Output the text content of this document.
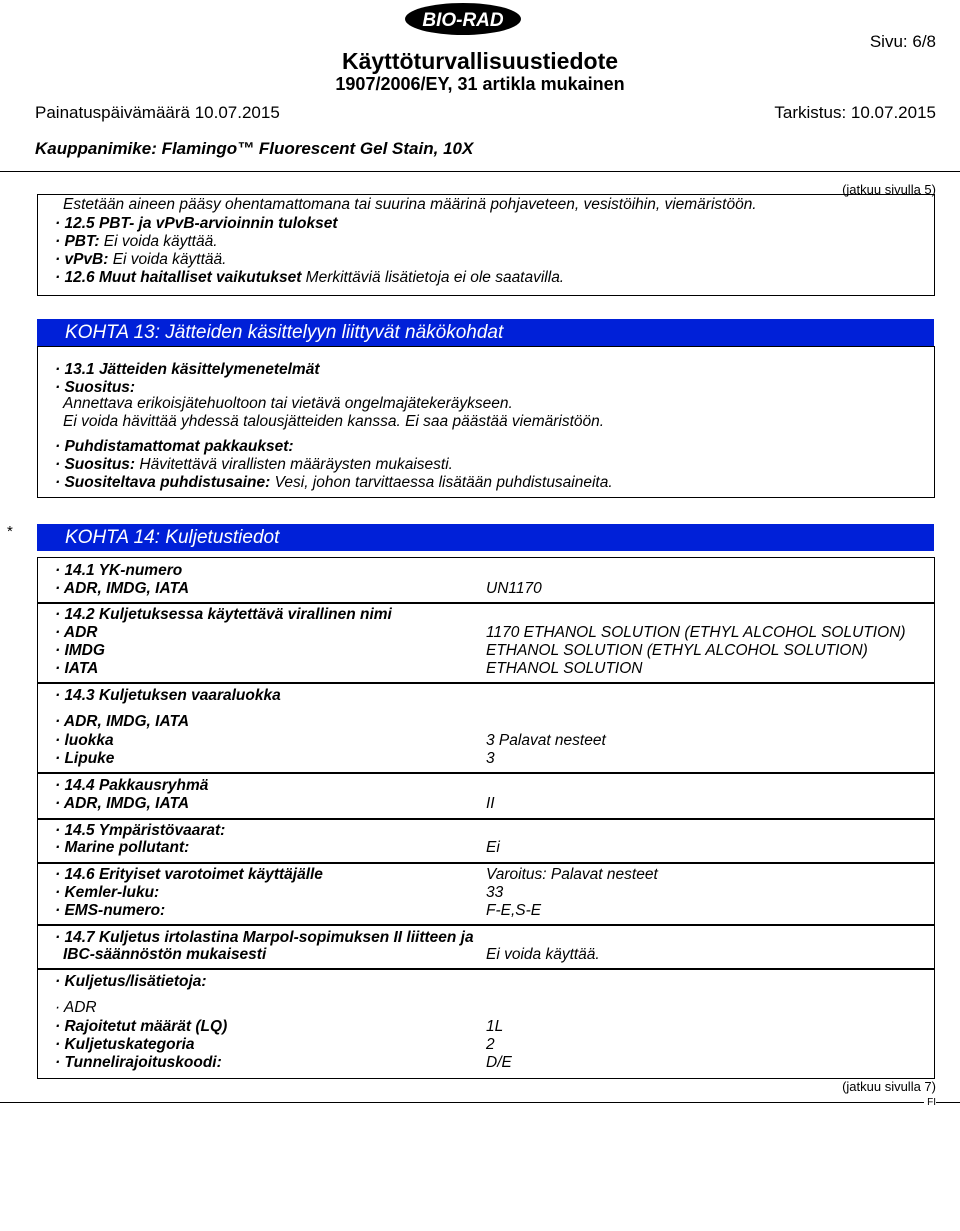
BIO-RAD
Käyttöturvallisuustiedote
1907/2006/EY, 31 artikla mukainen
Sivu: 6/8
Painatuspäivämäärä 10.07.2015	Tarkistus: 10.07.2015
Kauppanimike: Flamingo™ Fluorescent Gel Stain, 10X
(jatkuu sivulla 5)
Estetään aineen pääsy ohentamattomana tai suurina määrinä pohjaveteen, vesistöihin, viemäristöön.
· 12.5 PBT- ja vPvB-arvioinnin tulokset
· PBT: Ei voida käyttää.
· vPvB: Ei voida käyttää.
· 12.6 Muut haitalliset vaikutukset Merkittäviä lisätietoja ei ole saatavilla.
KOHTA 13: Jätteiden käsittelyyn liittyvät näkökohdat
· 13.1 Jätteiden käsittelymenetelmät
· Suositus:
Annettava erikoisjätehuoltoon tai vietävä ongelmajätekeräykseen.
Ei voida hävittää yhdessä talousjätteiden kanssa. Ei saa päästää viemäristöön.
· Puhdistamattomat pakkaukset:
· Suositus: Hävitettävä virallisten määräysten mukaisesti.
· Suositeltava puhdistusaine: Vesi, johon tarvittaessa lisätään puhdistusaineita.
*	KOHTA 14: Kuljetustiedot
· 14.1 YK-numero
· ADR, IMDG, IATA	UN1170
· 14.2 Kuljetuksessa käytettävä virallinen nimi
· ADR	1170 ETHANOL SOLUTION (ETHYL ALCOHOL SOLUTION)
· IMDG	ETHANOL SOLUTION (ETHYL ALCOHOL SOLUTION)
· IATA	ETHANOL SOLUTION
· 14.3 Kuljetuksen vaaraluokka
· ADR, IMDG, IATA
· luokka	3 Palavat nesteet
· Lipuke	3
· 14.4 Pakkausryhmä
· ADR, IMDG, IATA	II
· 14.5 Ympäristövaarat:
· Marine pollutant:	Ei
· 14.6 Erityiset varotoimet käyttäjälle	Varoitus: Palavat nesteet
· Kemler-luku:	33
· EMS-numero:	F-E,S-E
· 14.7 Kuljetus irtolastina Marpol-sopimuksen II liitteen ja
IBC-säännöstön mukaisesti	Ei voida käyttää.
· Kuljetus/lisätietoja:
· ADR
· Rajoitetut määrät (LQ)	1L
· Kuljetuskategoria	2
· Tunnelirajoituskoodi:	D/E
(jatkuu sivulla 7)
FI
